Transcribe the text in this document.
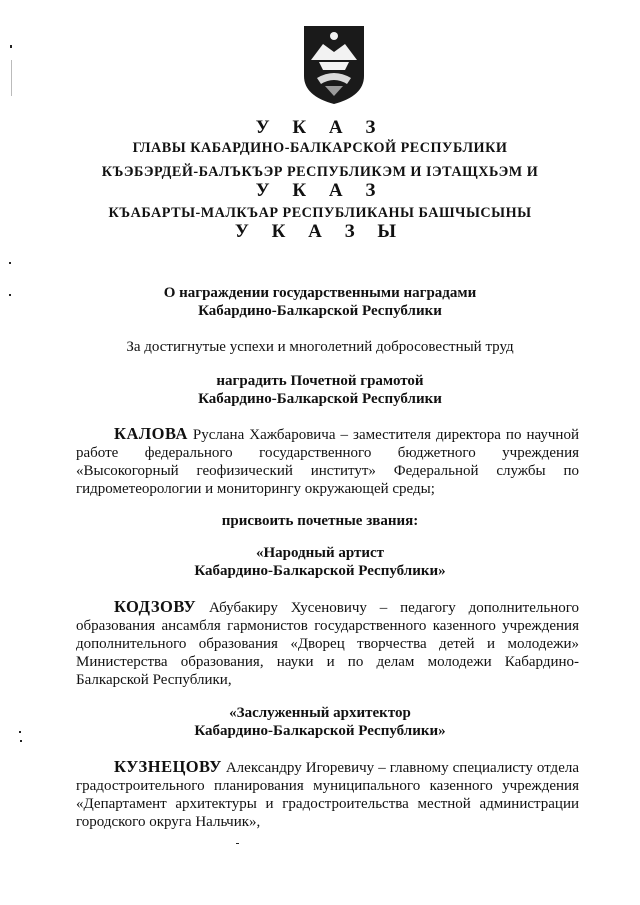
У К А З
ГЛАВЫ КАБАРДИНО-БАЛКАРСКОЙ РЕСПУБЛИКИ
КЪЭБЭРДЕЙ-БАЛЪКЪЭР РЕСПУБЛИКЭМ И ІЭТАЩХЬЭМ И
У К А З
КЪАБАРТЫ-МАЛКЪАР РЕСПУБЛИКАНЫ БАШЧЫСЫНЫ
У К А З Ы
О награждении государственными наградами
Кабардино-Балкарской Республики
За достигнутые успехи и многолетний добросовестный труд
наградить Почетной грамотой
Кабардино-Балкарской Республики
КАЛОВА Руслана Хажбаровича – заместителя директора по научной работе федерального государственного бюджетного учреждения «Высокогорный геофизический институт» Федеральной службы по гидрометеорологии и мониторингу окружающей среды;
присвоить почетные звания:
«Народный артист
Кабардино-Балкарской Республики»
КОДЗОВУ Абубакиру Хусеновичу – педагогу дополнительного образования ансамбля гармонистов государственного казенного учреждения дополнительного образования «Дворец творчества детей и молодежи» Министерства образования, науки и по делам молодежи Кабардино-Балкарской Республики,
«Заслуженный архитектор
Кабардино-Балкарской Республики»
КУЗНЕЦОВУ Александру Игоревичу – главному специалисту отдела градостроительного планирования муниципального казенного учреждения «Департамент архитектуры и градостроительства местной администрации городского округа Нальчик»,
